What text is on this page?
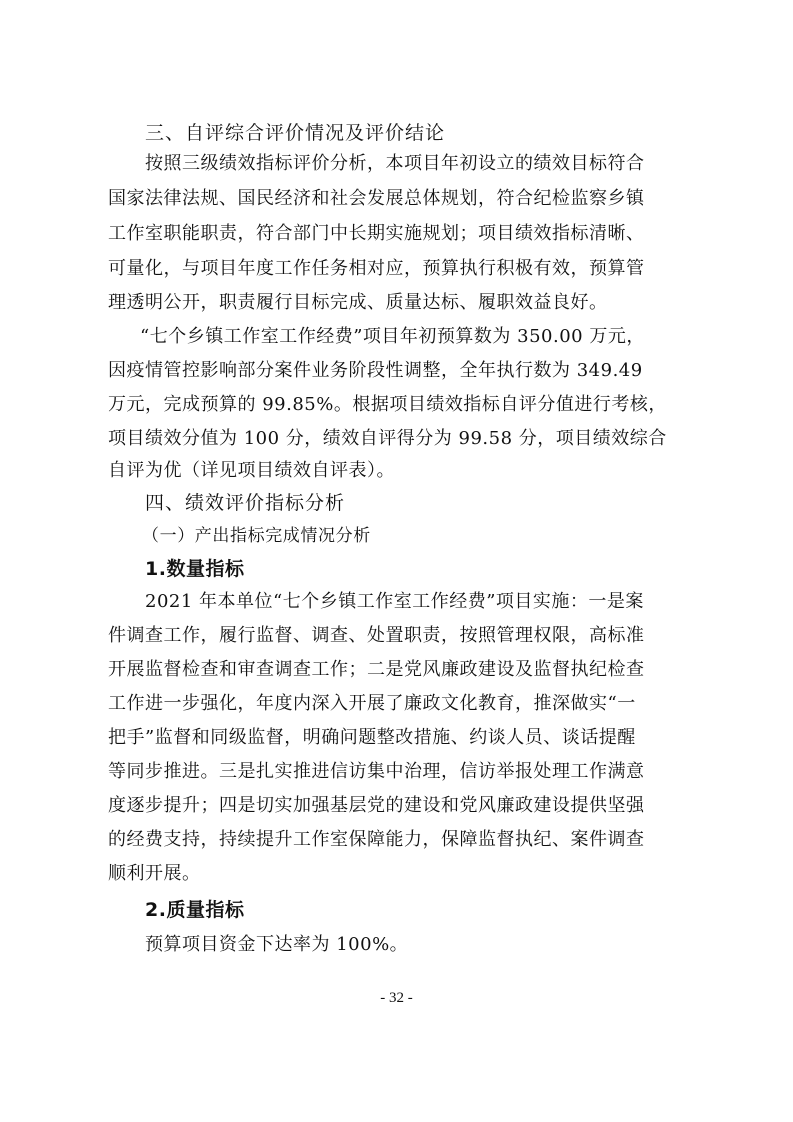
三、自评综合评价情况及评价结论
按照三级绩效指标评价分析，本项目年初设立的绩效目标符合
国家法律法规、国民经济和社会发展总体规划，符合纪检监察乡镇
工作室职能职责，符合部门中长期实施规划；项目绩效指标清晰、
可量化，与项目年度工作任务相对应，预算执行积极有效，预算管
理透明公开，职责履行目标完成、质量达标、履职效益良好。
“七个乡镇工作室工作经费”项目年初预算数为 350.00 万元，
因疫情管控影响部分案件业务阶段性调整，全年执行数为 349.49
万元，完成预算的 99.85%。根据项目绩效指标自评分值进行考核，
项目绩效分值为 100 分，绩效自评得分为 99.58 分，项目绩效综合
自评为优（详见项目绩效自评表）。
四、绩效评价指标分析
（一）产出指标完成情况分析
1.数量指标
2021 年本单位“七个乡镇工作室工作经费”项目实施：一是案
件调查工作，履行监督、调查、处置职责，按照管理权限，高标准
开展监督检查和审查调查工作；二是党风廉政建设及监督执纪检查
工作进一步强化，年度内深入开展了廉政文化教育，推深做实“一
把手”监督和同级监督，明确问题整改措施、约谈人员、谈话提醒
等同步推进。三是扎实推进信访集中治理，信访举报处理工作满意
度逐步提升；四是切实加强基层党的建设和党风廉政建设提供坚强
的经费支持，持续提升工作室保障能力，保障监督执纪、案件调查
顺利开展。
2.质量指标
预算项目资金下达率为 100%。
- 32 -
